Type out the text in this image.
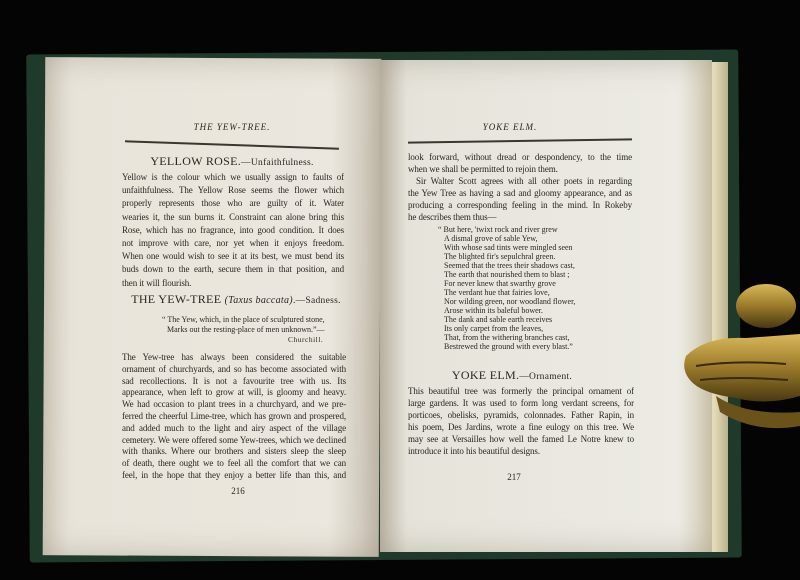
THE YEW-TREE.
YELLOW ROSE.—Unfaithfulness.
Yellow is the colour which we usually assign to faults of
unfaithfulness. The Yellow Rose seems the flower which
properly represents those who are guilty of it. Water
wearies it, the sun burns it. Constraint can alone bring this
Rose, which has no fragrance, into good condition. It does
not improve with care, nor yet when it enjoys freedom.
When one would wish to see it at its best, we must bend its
buds down to the earth, secure them in that position, and
then it will flourish.
THE YEW-TREE (Taxus baccata).—Sadness.
“ The Yew, which, in the place of sculptured stone,
Marks out the resting-place of men unknown.”—
Churchill.
The Yew-tree has always been considered the suitable
ornament of churchyards, and so has become associated with
sad recollections. It is not a favourite tree with us. Its
appearance, when left to grow at will, is gloomy and heavy.
We had occasion to plant trees in a churchyard, and we pre-
ferred the cheerful Lime-tree, which has grown and prospered,
and added much to the light and airy aspect of the village
cemetery. We were offered some Yew-trees, which we declined
with thanks. Where our brothers and sisters sleep the sleep
of death, there ought we to feel all the comfort that we can
feel, in the hope that they enjoy a better life than this, and
216
YOKE ELM.
look forward, without dread or despondency, to the time
when we shall be permitted to rejoin them.
Sir Walter Scott agrees with all other poets in regarding
the Yew Tree as having a sad and gloomy appearance, and as
producing a corresponding feeling in the mind. In Rokeby
he describes them thus—
“ But here, 'twixt rock and river grew
A dismal grove of sable Yew,
With whose sad tints were mingled seen
The blighted fir's sepulchral green.
Seemed that the trees their shadows cast,
The earth that nourished them to blast ;
For never knew that swarthy grove
The verdant hue that fairies love,
Nor wilding green, nor woodland flower,
Arose within its baleful bower.
The dank and sable earth receives
Its only carpet from the leaves,
That, from the withering branches cast,
Bestrewed the ground with every blast.”
YOKE ELM.—Ornament.
This beautiful tree was formerly the principal ornament of
large gardens. It was used to form long verdant screens, for
porticoes, obelisks, pyramids, colonnades. Father Rapin, in
his poem, Des Jardins, wrote a fine eulogy on this tree. We
may see at Versailles how well the famed Le Notre knew to
introduce it into his beautiful designs.
217
